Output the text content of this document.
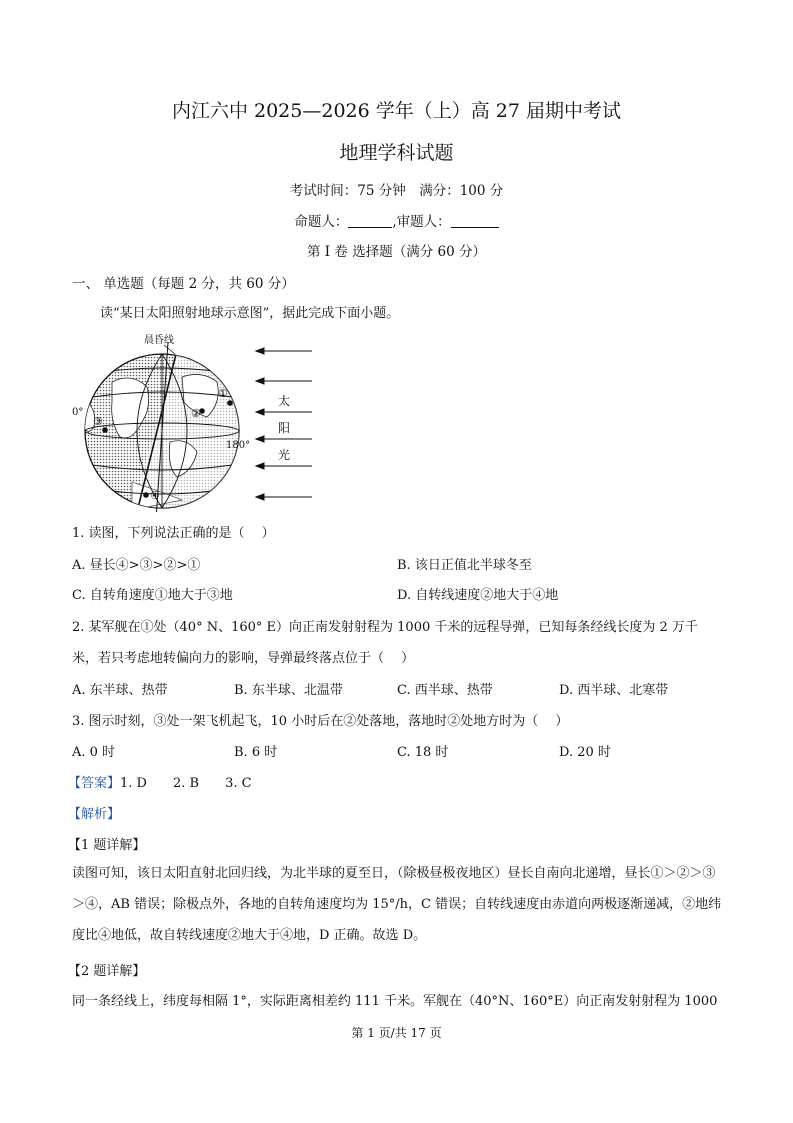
内江六中 2025—2026 学年（上）高 27 届期中考试
地理学科试题
考试时间：75 分钟　满分：100 分
命题人：	,审题人：
第 I 卷 选择题（满分 60 分）
一、 单选题（每题 2 分，共 60 分）
读“某日太阳照射地球示意图”，据此完成下面小题。
晨昏线
0°
180°
①
②
③
④
太
阳
光
1. 读图，下列说法正确的是（　 ）
A. 昼长④>③>②>①	B. 该日正值北半球冬至
C. 自转角速度①地大于③地	D. 自转线速度②地大于④地
2. 某军舰在①处（40° N、160° E）向正南发射射程为 1000 千米的远程导弹，已知每条经线长度为 2 万千
米，若只考虑地转偏向力的影响，导弹最终落点位于（　 ）
A. 东半球、热带	B. 东半球、北温带	C. 西半球、热带	D. 西半球、北寒带
3. 图示时刻，③处一架飞机起飞，10 小时后在②处落地，落地时②处地方时为（　 ）
A. 0 时	B. 6 时	C. 18 时	D. 20 时
【答案】1. D 2. B 3. C
【解析】
【1 题详解】
读图可知，该日太阳直射北回归线，为北半球的夏至日，（除极昼极夜地区）昼长自南向北递增，昼长①＞②＞③＞④，AB 错误；除极点外，各地的自转角速度均为 15°/h，C 错误；自转线速度由赤道向两极逐渐递减，②地纬度比④地低，故自转线速度②地大于④地，D 正确。故选 D。
【2 题详解】
同一条经线上，纬度每相隔 1°，实际距离相差约 111 千米。军舰在（40°N、160°E）向正南发射射程为 1000
第 1 页/共 17 页
